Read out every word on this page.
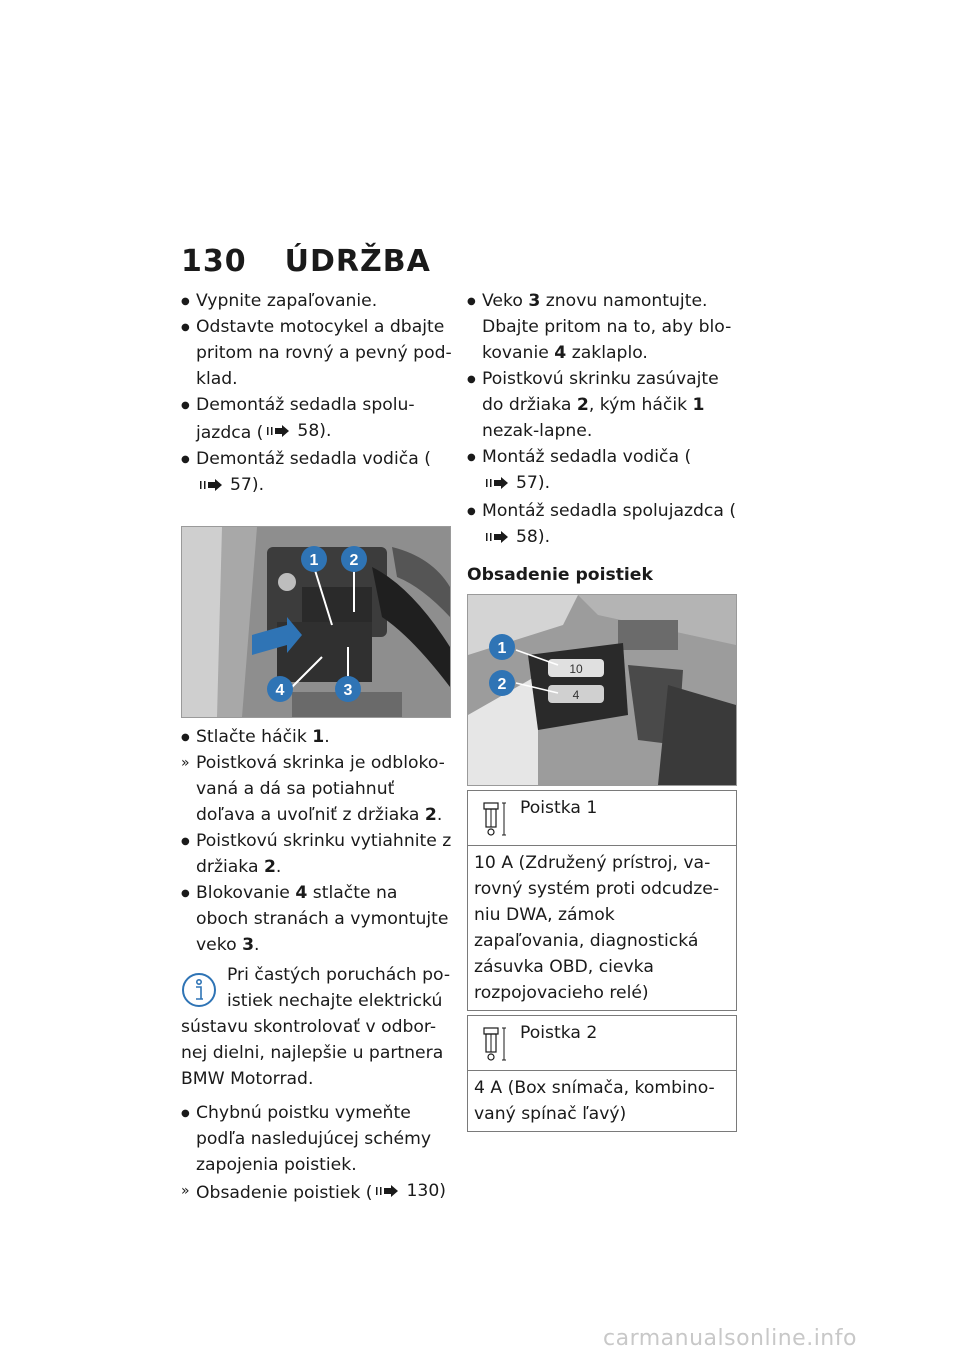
130 ÚDRŽBA
●
Vypnite zapaľovanie.
●
Odstavte motocykel a dbajte pritom na rovný a pevný pod-klad.
●
Demontáž sedadla spolu-jazdca ( 58).
●
Demontáž sedadla vodiča (
57).
1 2
3
4
●
Stlačte háčik 1.
» Poistková skrinka je odbloko-vaná a dá sa potiahnuť doľava a uvoľniť z držiaka 2.
●
Poistkovú skrinku vytiahnite z držiaka 2.
●
Blokovanie 4 stlačte na oboch stranách a vymontujte veko 3.
Pri častých poruchách po-istiek nechajte elektrickú
sústavu skontrolovať v odbor-nej dielni, najlepšie u partnera BMW Motorrad.
●
Chybnú poistku vymeňte podľa nasledujúcej schémy zapojenia poistiek.
» Obsadenie poistiek ( 130)
●
Veko 3 znovu namontujte. Dbajte pritom na to, aby blo-kovanie 4 zaklaplo.
●
Poistkovú skrinku zasúvajte do držiaka 2, kým háčik 1 nezak-lapne.
●
Montáž sedadla vodiča (
57).
●
Montáž sedadla spolujazdca (
58).
Obsadenie poistiek
10
4
1
2
Poistka 1
10 A (Združený prístroj, va-rovný systém proti odcudze-niu DWA, zámok zapaľovania, diagnostická zásuvka OBD, cievka rozpojovacieho relé)
Poistka 2
4 A (Box snímača, kombino-vaný spínač ľavý)
carmanualsonline.info
